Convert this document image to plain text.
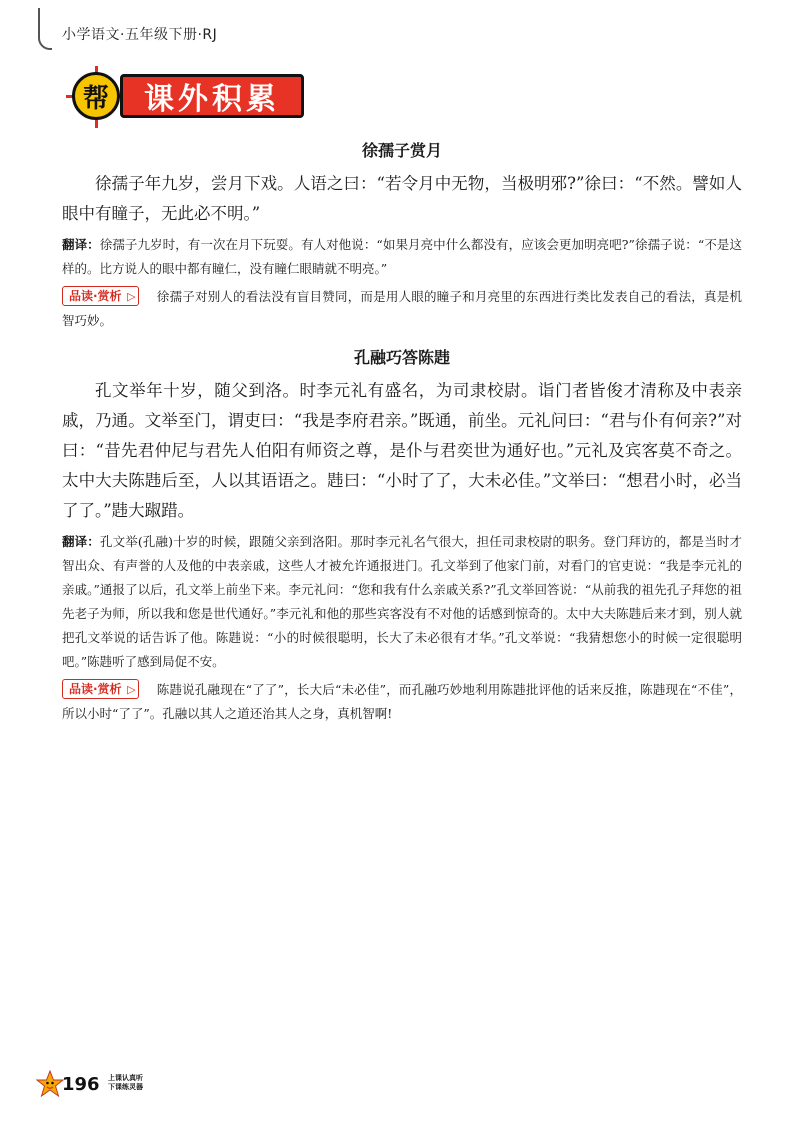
小学语文·五年级下册·RJ
帮	课外积累
徐孺子赏月

徐孺子年九岁，尝月下戏。人语之曰：“若令月中无物，当极明邪?”徐曰：“不然。譬如人眼中有瞳子，无此必不明。”

翻译：徐孺子九岁时，有一次在月下玩耍。有人对他说：“如果月亮中什么都没有，应该会更加明亮吧?”徐孺子说：“不是这样的。比方说人的眼中都有瞳仁，没有瞳仁眼睛就不明亮。”

品读·赏析 ▷ 徐孺子对别人的看法没有盲目赞同，而是用人眼的瞳子和月亮里的东西进行类比发表自己的看法，真是机智巧妙。

孔融巧答陈韪

孔文举年十岁，随父到洛。时李元礼有盛名，为司隶校尉。诣门者皆俊才清称及中表亲戚，乃通。文举至门，谓吏曰：“我是李府君亲。”既通，前坐。元礼问曰：“君与仆有何亲?”对曰：“昔先君仲尼与君先人伯阳有师资之尊，是仆与君奕世为通好也。”元礼及宾客莫不奇之。太中大夫陈韪后至，人以其语语之。韪曰：“小时了了，大未必佳。”文举曰：“想君小时，必当了了。”韪大踧踖。

翻译：孔文举(孔融)十岁的时候，跟随父亲到洛阳。那时李元礼名气很大，担任司隶校尉的职务。登门拜访的，都是当时才智出众、有声誉的人及他的中表亲戚，这些人才被允许通报进门。孔文举到了他家门前，对看门的官吏说：“我是李元礼的亲戚。”通报了以后，孔文举上前坐下来。李元礼问：“您和我有什么亲戚关系?”孔文举回答说：“从前我的祖先孔子拜您的祖先老子为师，所以我和您是世代通好。”李元礼和他的那些宾客没有不对他的话感到惊奇的。太中大夫陈韪后来才到，别人就把孔文举说的话告诉了他。陈韪说：“小的时候很聪明，长大了未必很有才华。”孔文举说：“我猜想您小的时候一定很聪明吧。”陈韪听了感到局促不安。

品读·赏析 ▷ 陈韪说孔融现在“了了”，长大后“未必佳”，而孔融巧妙地利用陈韪批评他的话来反推，陈韪现在“不佳”，所以小时“了了”。孔融以其人之道还治其人之身，真机智啊!

196 上课认真听
下课练灵器
